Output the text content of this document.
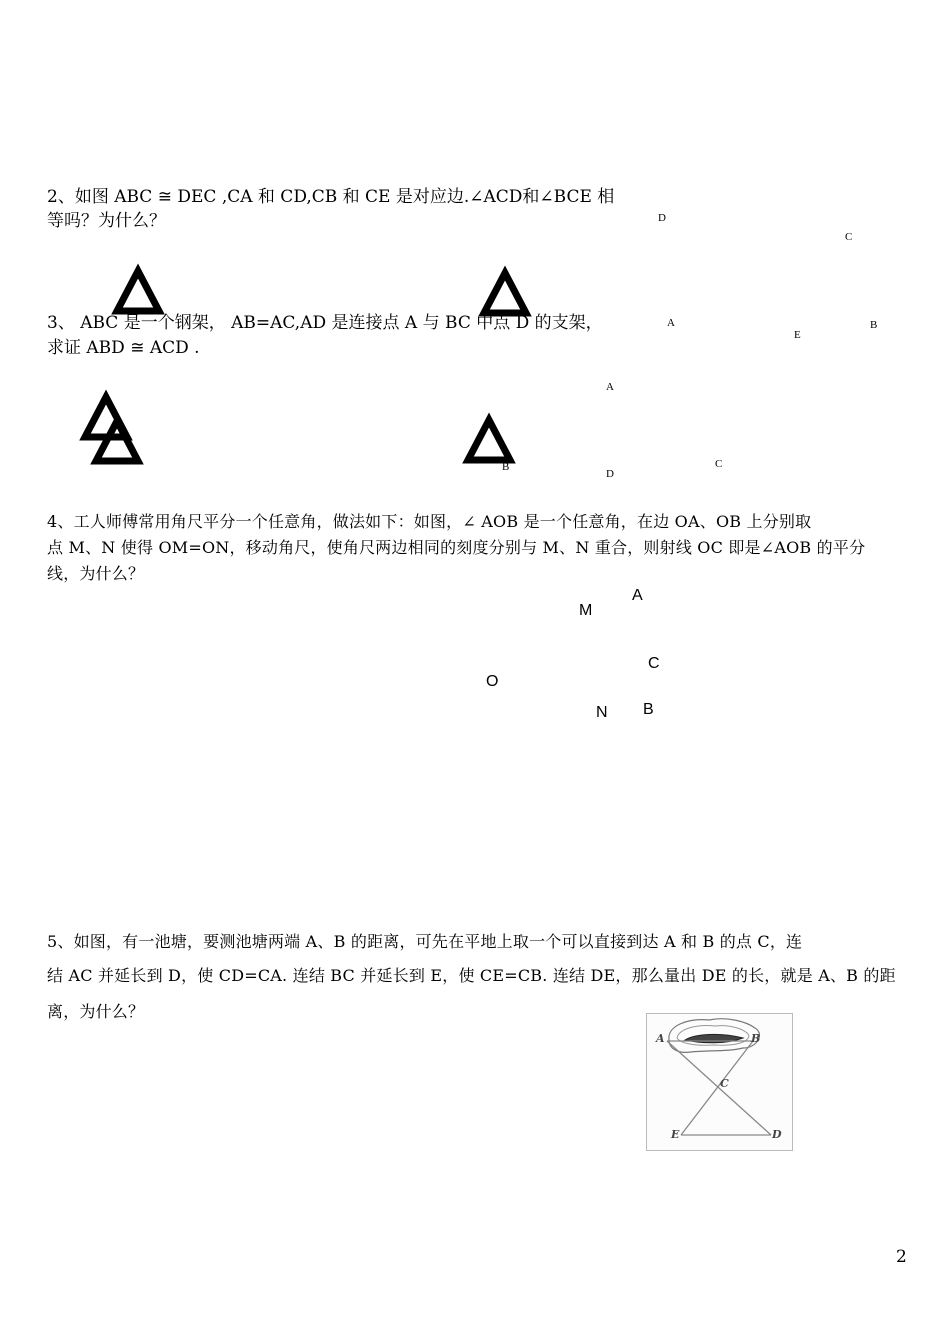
2、如图 ABC ≅ DEC ,CA 和 CD,CB 和 CE 是对应边.∠ACD和∠BCE 相
等吗？为什么？	D
C
A
E
B
3、 ABC 是一个钢架， AB=AC,AD 是连接点 A 与 BC 中点 D 的支架，
求证 ABD ≅ ACD .
A
B
D
C
4、工人师傅常用角尺平分一个任意角，做法如下：如图，∠ AOB 是一个任意角，在边 OA、OB 上分别取
点 M、N 使得 OM=ON，移动角尺，使角尺两边相同的刻度分别与 M、N 重合，则射线 OC 即是∠AOB 的平分
线，为什么？
A
M
C
O
N B
5、如图，有一池塘，要测池塘两端 A、B 的距离，可先在平地上取一个可以直接到达 A 和 B 的点 C，连
结 AC 并延长到 D，使 CD=CA. 连结 BC 并延长到 E，使 CE=CB. 连结 DE，那么量出 DE 的长，就是 A、B 的距
离，为什么？
A	B
C
E	D
2
